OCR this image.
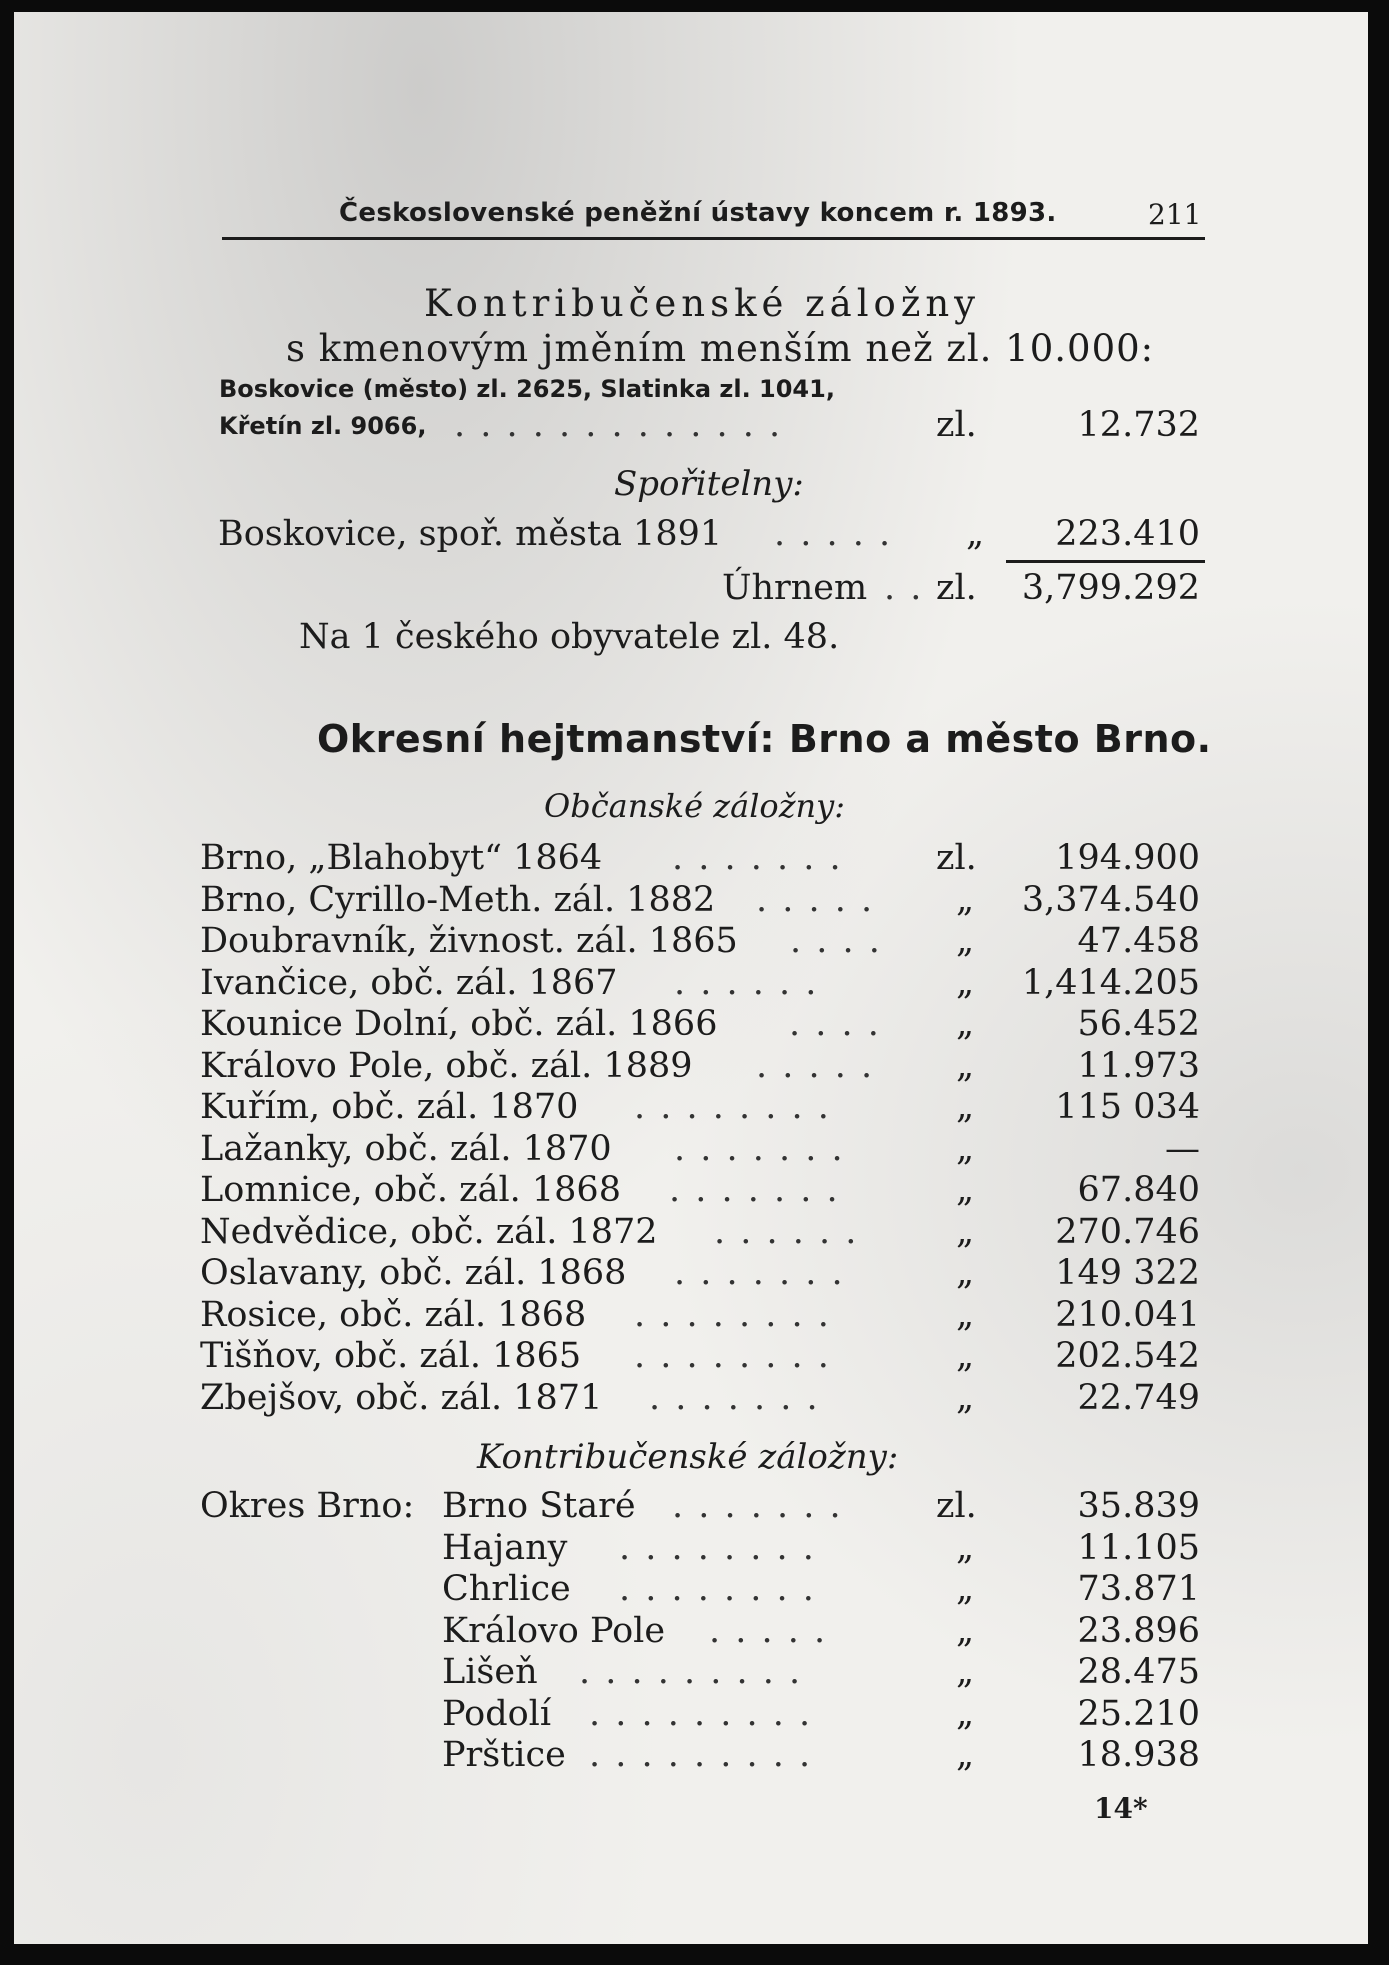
Československé peněžní ústavy koncem r. 1893.	211
Kontribučenské záložny
s kmenovým jměním menším než zl. 10.000:
Boskovice (město) zl. 2625, Slatinka zl. 1041,
Křetín zl. 9066, . . . . . . . . . . . . .	zl.	12.732
Spořitelny:
Boskovice, spoř. města 1891 . . . . . „ 223.410
Úhrnem . . zl. 3,799.292
Na 1 českého obyvatele zl. 48.
Okresní hejtmanství: Brno a město Brno.
Občanské záložny:
Brno, „Blahobyt“ 1864 . . . . . . .	zl. 194.900
Brno, Cyrillo-Meth. zál. 1882 . . . . . „ 3,374.540
Doubravník, živnost. zál. 1865 . . . . „	47.458
Ivančice, obč. zál. 1867 . . . . . .	„ 1,414.205
Kounice Dolní, obč. zál. 1866 . . . . „	56.452
Královo Pole, obč. zál. 1889 . . . . . „	11.973
Kuřím, obč. zál. 1870 . . . . . . . .	„ 115 034
Lažanky, obč. zál. 1870 . . . . . . .	„	—
Lomnice, obč. zál. 1868 . . . . . . .	„	67.840
Nedvědice, obč. zál. 1872 . . . . . .	„ 270.746
Oslavany, obč. zál. 1868 . . . . . . .	„ 149 322
Rosice, obč. zál. 1868 . . . . . . . .	„ 210.041
Tišňov, obč. zál. 1865 . . . . . . . .	„ 202.542
Zbejšov, obč. zál. 1871 . . . . . . .	„	22.749
Kontribučenské záložny:
Okres Brno: Brno Staré . . . . . . .	zl.	35.839
Hajany . . . . . . . .	„	11.105
Chrlice . . . . . . . .	„	73.871
Královo Pole . . . . .	„	23.896
Lišeň . . . . . . . . .	„	28.475
Podolí . . . . . . . . .	„	25.210
Prštice . . . . . . . . .	„	18.938
14*
